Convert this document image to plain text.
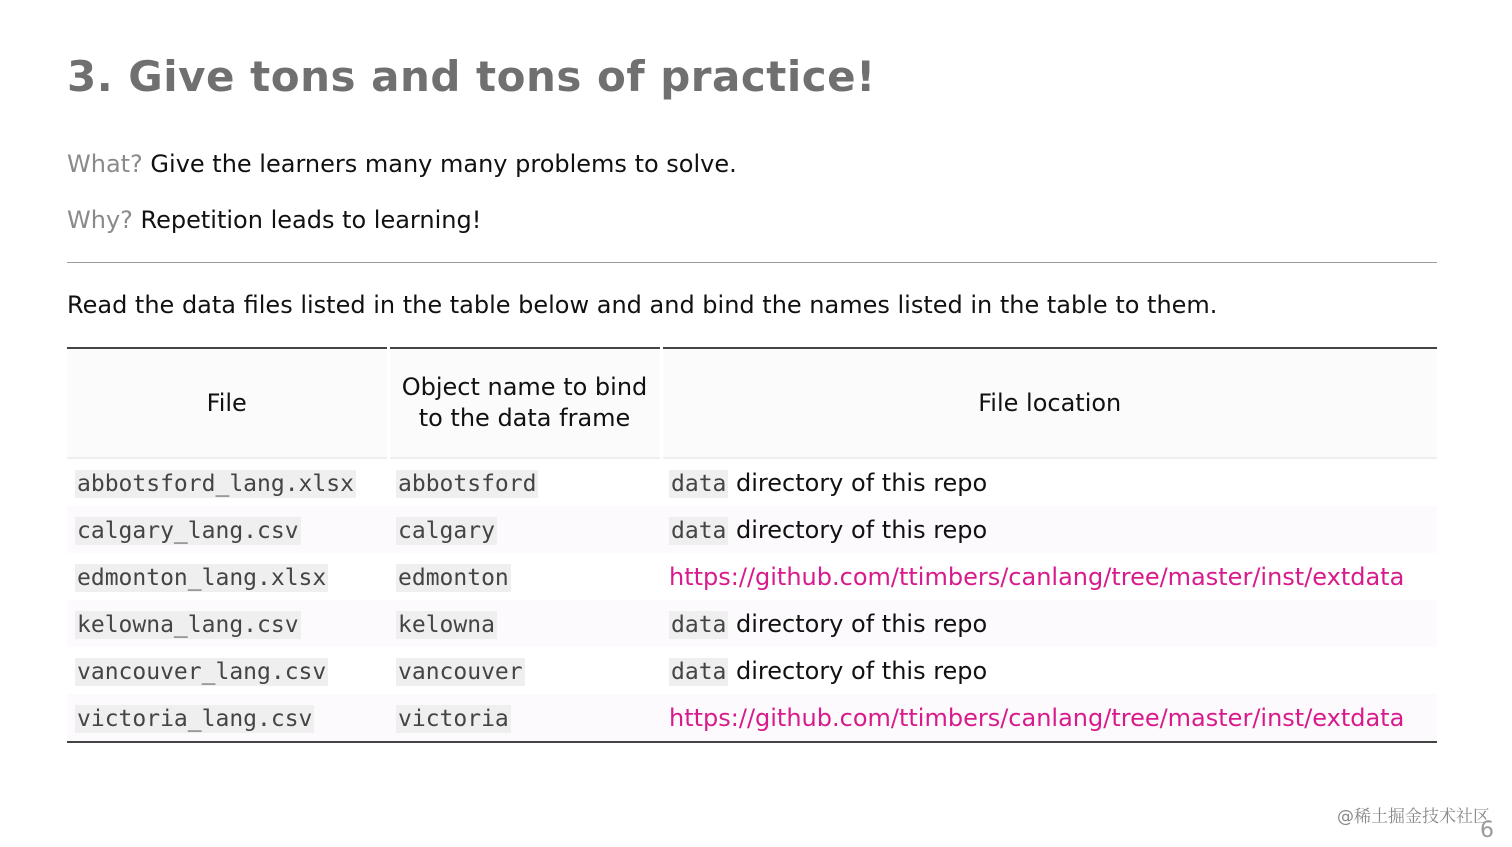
3. Give tons and tons of practice!

What? Give the learners many many problems to solve.

Why? Repetition leads to learning!

Read the data files listed in the table below and and bind the names listed in the table to them.

File	Object name to bind to the data frame	File location
abbotsford_lang.xlsx	abbotsford	data directory of this repo
calgary_lang.csv	calgary	data directory of this repo
edmonton_lang.xlsx	edmonton	https://github.com/ttimbers/canlang/tree/master/inst/extdata
kelowna_lang.csv	kelowna	data directory of this repo
vancouver_lang.csv	vancouver	data directory of this repo
victoria_lang.csv	victoria	https://github.com/ttimbers/canlang/tree/master/inst/extdata
@稀土掘金技术社区
6
